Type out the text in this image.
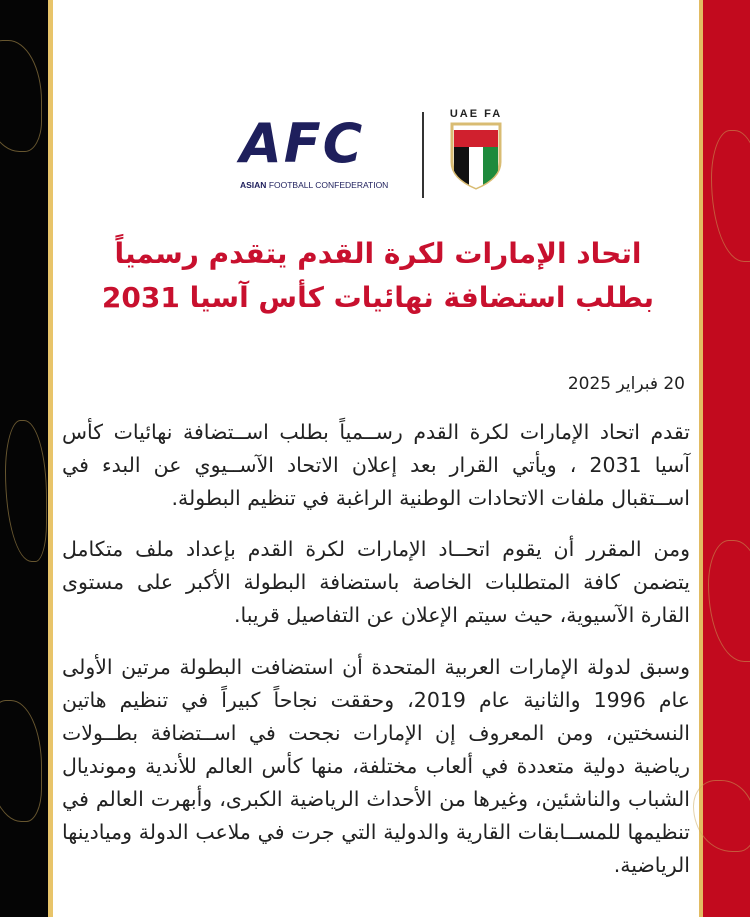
AFC
ASIAN FOOTBALL CONFEDERATION
UAE FA
اتحاد الإمارات لكرة القدم يتقدم رسمياً
بطلب استضافة نهائيات كأس آسيا 2031
20 فبراير 2025

تقدم اتحاد الإمارات لكرة القدم رســمياً بطلب اســتضافة نهائيات كأس آسيا 2031 ، ويأتي القرار بعد إعلان الاتحاد الآســيوي عن البدء في اســتقبال ملفات الاتحادات الوطنية الراغبة في تنظيم البطولة.

ومن المقرر أن يقوم اتحــاد الإمارات لكرة القدم بإعداد ملف متكامل يتضمن كافة المتطلبات الخاصة باستضافة البطولة الأكبر على مستوى القارة الآسيوية، حيث سيتم الإعلان عن التفاصيل قريبا.

وسبق لدولة الإمارات العربية المتحدة أن استضافت البطولة مرتين الأولى عام 1996 والثانية عام 2019، وحققت نجاحاً كبيراً في تنظيم هاتين النسختين، ومن المعروف إن الإمارات نجحت في اســتضافة بطــولات رياضية دولية متعددة في ألعاب مختلفة، منها كأس العالم للأندية وموندیال الشباب والناشئين، وغيرها من الأحداث الرياضية الكبرى، وأبهرت العالم في تنظيمها للمســابقات القارية والدولية التي جرت في ملاعب الدولة وميادينها الرياضية.
